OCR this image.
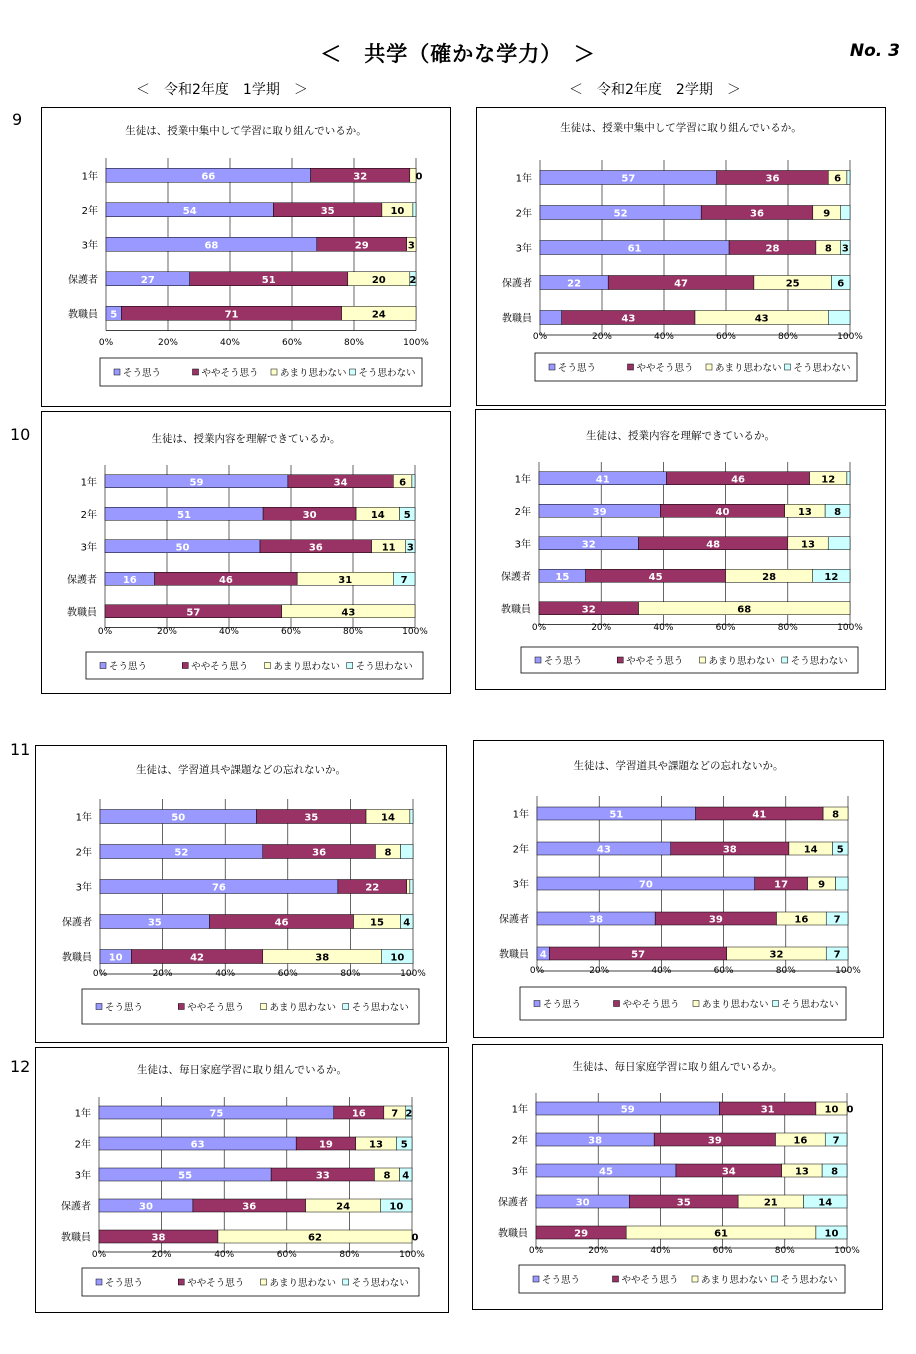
＜　共学（確かな学力）　＞	No. 3
＜　令和2年度　1学期　＞	＜　令和2年度　2学期　＞
9
10
11
12
生徒は、授業中集中して学習に取り組んでいるか。
0%	20%	40%	60%	80%	100%
1年	66	32	0
2年	54	35	10
3年	68	29	3
保護者	27	51	20 2
教職員 5	71	24
そう思う	ややそう思う あまり思わない そう思わない
生徒は、授業中集中して学習に取り組んでいるか。
0%	20%	40%	60%	80%	100%
1年	57	36	6
2年	52	36	9
3年	61	28	8 3
保護者	22	47	25	6
教職員	43	43
そう思う	ややそう思う あまり思わない そう思わない
生徒は、授業内容を理解できているか。
0%	20%	40%	60%	80%	100%
1年	59	34	6
2年	51	30	14 5
3年	50	36	11 3
保護者	16	46	31	7
教職員	57	43
そう思う	ややそう思う	あまり思わない そう思わない
生徒は、授業内容を理解できているか。
0%	20%	40%	60%	80%	100%
1年	41	46	12
2年	39	40	13 8
3年	32	48	13
保護者 15	45	28	12
教職員	32	68
そう思う	ややそう思う	あまり思わない そう思わない
生徒は、学習道具や課題などの忘れないか。
0%	20%	40%	60%	80%	100%
1年	50	35	14
2年	52	36	8
3年	76	22
保護者	35	46	15 4
教職員 10	42	38	10
そう思う	ややそう思う	あまり思わない そう思わない
生徒は、学習道具や課題などの忘れないか。
0%	20%	40%	60%	80%	100%
1年	51	41	8
2年	43	38	14 5
3年	70	17	9
保護者	38	39	16	7
教職員 4	57	32	7
そう思う	ややそう思う あまり思わない そう思わない
生徒は、毎日家庭学習に取り組んでいるか。
0%	20%	40%	60%	80%	100%
1年	75	16	7 2
2年	63	19	13 5
3年	55	33	8 4
保護者	30	36	24	10
教職員	38	62	0
そう思う	ややそう思う	あまり思わない そう思わない
生徒は、毎日家庭学習に取り組んでいるか。
0%	20%	40%	60%	80%	100%
1年	59	31	10 0
2年	38	39	16	7
3年	45	34	13 8
保護者	30	35	21	14
教職員	29	61	10
そう思う	ややそう思う あまり思わない そう思わない
